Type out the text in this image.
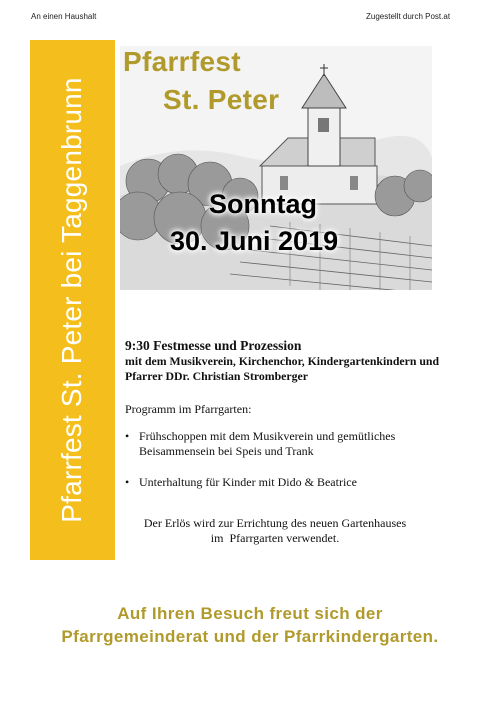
An einen Haushalt	Zugestellt durch Post.at
Pfarrfest St. Peter bei Taggenbrunn
Pfarrfest
St. Peter
Sonntag
30. Juni 2019
9:30 Festmesse und Prozession
mit dem Musikverein, Kirchenchor, Kindergartenkindern und Pfarrer DDr. Christian Stromberger
Programm im Pfarrgarten:
• Frühschoppen mit dem Musikverein und gemütliches Beisammensein bei Speis und Trank
• Unterhaltung für Kinder mit Dido & Beatrice
Der Erlös wird zur Errichtung des neuen Gartenhauses
im  Pfarrgarten verwendet.
Auf Ihren Besuch freut sich der
Pfarrgemeinderat und der Pfarrkindergarten.
